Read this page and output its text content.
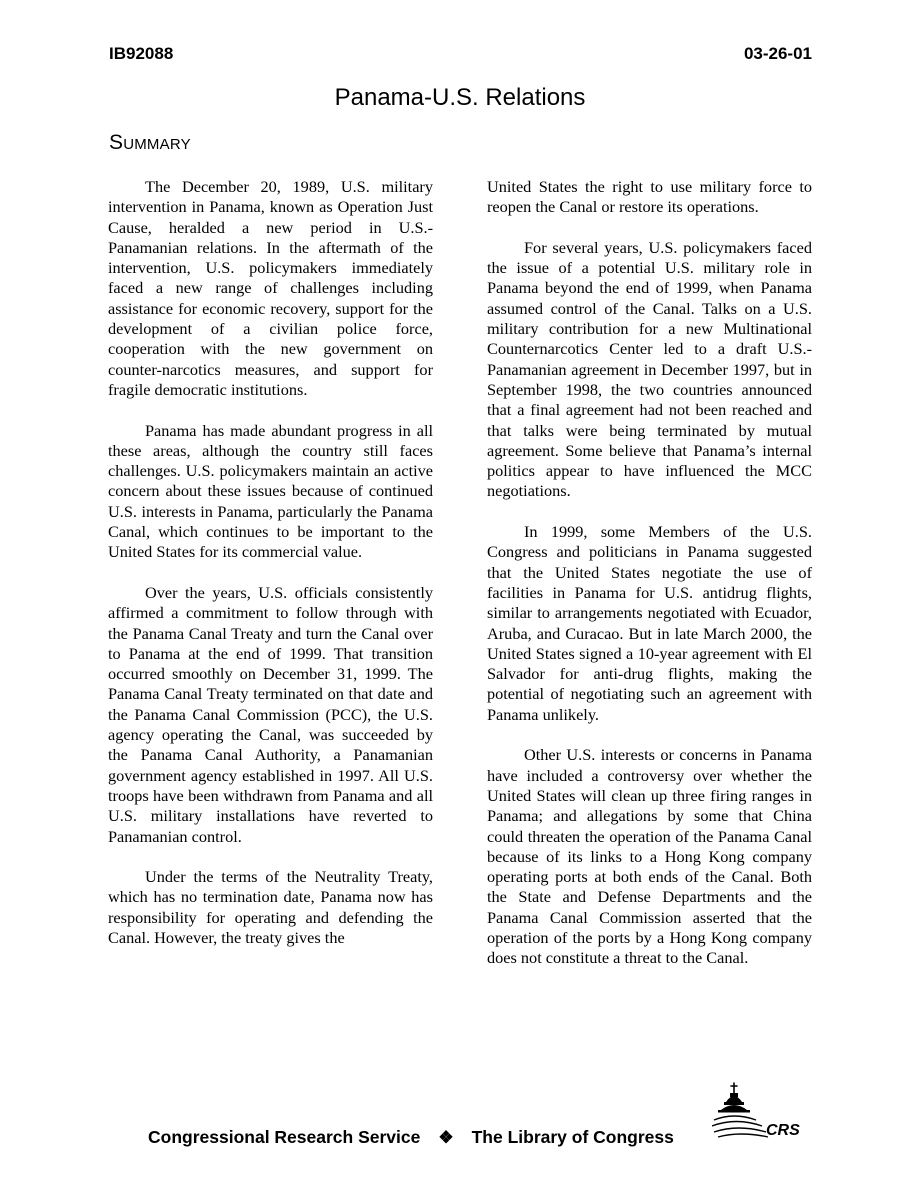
IB92088	03-26-01
Panama-U.S. Relations
Summary

The December 20, 1989, U.S. military intervention in Panama, known as Operation Just Cause, heralded a new period in U.S.-Panamanian relations. In the aftermath of the intervention, U.S. policymakers immediately faced a new range of challenges including assistance for economic recovery, support for the development of a civilian police force, cooperation with the new government on counter-narcotics measures, and support for fragile democratic institutions.

Panama has made abundant progress in all these areas, although the country still faces challenges. U.S. policymakers maintain an active concern about these issues because of continued U.S. interests in Panama, particularly the Panama Canal, which continues to be important to the United States for its commercial value.

Over the years, U.S. officials consistently affirmed a commitment to follow through with the Panama Canal Treaty and turn the Canal over to Panama at the end of 1999. That transition occurred smoothly on December 31, 1999. The Panama Canal Treaty terminated on that date and the Panama Canal Commission (PCC), the U.S. agency operating the Canal, was succeeded by the Panama Canal Authority, a Panamanian government agency established in 1997. All U.S. troops have been withdrawn from Panama and all U.S. military installations have reverted to Panamanian control.

Under the terms of the Neutrality Treaty, which has no termination date, Panama now has responsibility for operating and defending the Canal. However, the treaty gives the

United States the right to use military force to reopen the Canal or restore its operations.

For several years, U.S. policymakers faced the issue of a potential U.S. military role in Panama beyond the end of 1999, when Panama assumed control of the Canal. Talks on a U.S. military contribution for a new Multinational Counternarcotics Center led to a draft U.S.-Panamanian agreement in December 1997, but in September 1998, the two countries announced that a final agreement had not been reached and that talks were being terminated by mutual agreement. Some believe that Panama’s internal politics appear to have influenced the MCC negotiations.

In 1999, some Members of the U.S. Congress and politicians in Panama suggested that the United States negotiate the use of facilities in Panama for U.S. antidrug flights, similar to arrangements negotiated with Ecuador, Aruba, and Curacao. But in late March 2000, the United States signed a 10-year agreement with El Salvador for anti-drug flights, making the potential of negotiating such an agreement with Panama unlikely.

Other U.S. interests or concerns in Panama have included a controversy over whether the United States will clean up three firing ranges in Panama; and allegations by some that China could threaten the operation of the Panama Canal because of its links to a Hong Kong company operating ports at both ends of the Canal. Both the State and Defense Departments and the Panama Canal Commission asserted that the operation of the ports by a Hong Kong company does not constitute a threat to the Canal.

Congressional Research Service ❖ The Library of Congress	CRS
